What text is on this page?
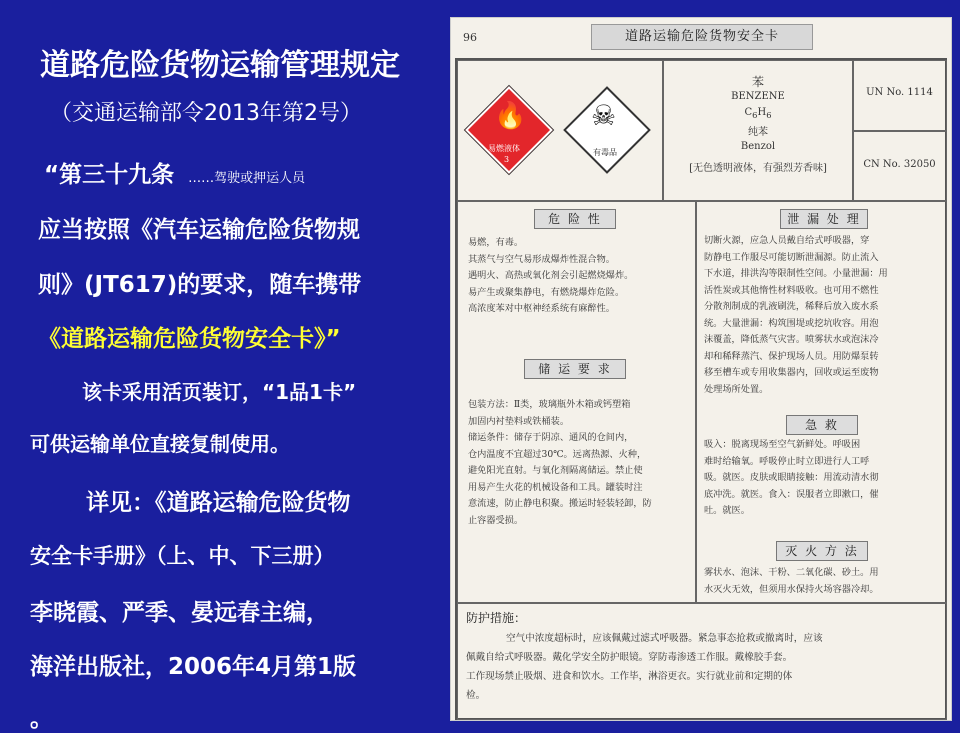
道路危险货物运输管理规定
（交通运输部令2013年第2号）
“第三十九条 ……驾驶或押运人员
应当按照《汽车运输危险货物规
则》(JT617)的要求，随车携带
《道路运输危险货物安全卡》”
该卡采用活页装订，“1品1卡”
可供运输单位直接复制使用。
详见：《道路运输危险货物
安全卡手册》（上、中、下三册）
李晓霞、严季、晏远春主编，
海洋出版社，2006年4月第1版
。
96	道路运输危险货物安全卡
🔥
易燃液体
3
☠
有毒品
苯
BENZENE
$C_6H_6$
纯苯
Benzol
[无色透明液体，有强烈芳香味]
UN No. 1114
CN No. 32050
危 险 性
易燃，有毒。
其蒸气与空气易形成爆炸性混合物。
遇明火、高热或氧化剂会引起燃烧爆炸。
易产生或聚集静电，有燃烧爆炸危险。
高浓度苯对中枢神经系统有麻醉性。
储 运 要 求
包装方法：Ⅱ类，玻璃瓶外木箱或钙塑箱
加固内衬垫料或铁桶装。
储运条件：储存于阴凉、通风的仓间内，
仓内温度不宜超过30℃。远离热源、火种，
避免阳光直射。与氧化剂隔离储运。禁止使
用易产生火花的机械设备和工具。罐装时注
意流速，防止静电积聚。搬运时轻装轻卸，防
止容器受损。
泄 漏 处 理
切断火源，应急人员戴自给式呼吸器，穿
防静电工作服尽可能切断泄漏源。防止流入
下水道，排洪沟等限制性空间。小量泄漏：用
活性炭或其他惰性材料吸收。也可用不燃性
分散剂制成的乳液刷洗，稀释后放入废水系
统。大量泄漏：构筑围堤或挖坑收容。用泡
沫覆盖，降低蒸气灾害。喷雾状水或泡沫冷
却和稀释蒸汽、保护现场人员。用防爆泵转
移至槽车或专用收集器内，回收或运至废物
处理场所处置。
急 救
吸入：脱离现场至空气新鲜处。呼吸困
难时给输氧。呼吸停止时立即进行人工呼
吸。就医。皮肤或眼睛接触：用流动清水彻
底冲洗。就医。食入：误服者立即漱口，催
吐。就医。
灭 火 方 法
雾状水、泡沫、干粉、二氧化碳、砂土。用
水灭火无效，但须用水保持火场容器冷却。
防护措施：
空气中浓度超标时，应该佩戴过滤式呼吸器。紧急事态抢救或撤离时，应该
佩戴自给式呼吸器。戴化学安全防护眼镜。穿防毒渗透工作服。戴橡胶手套。
工作现场禁止吸烟、进食和饮水。工作毕，淋浴更衣。实行就业前和定期的体
检。
